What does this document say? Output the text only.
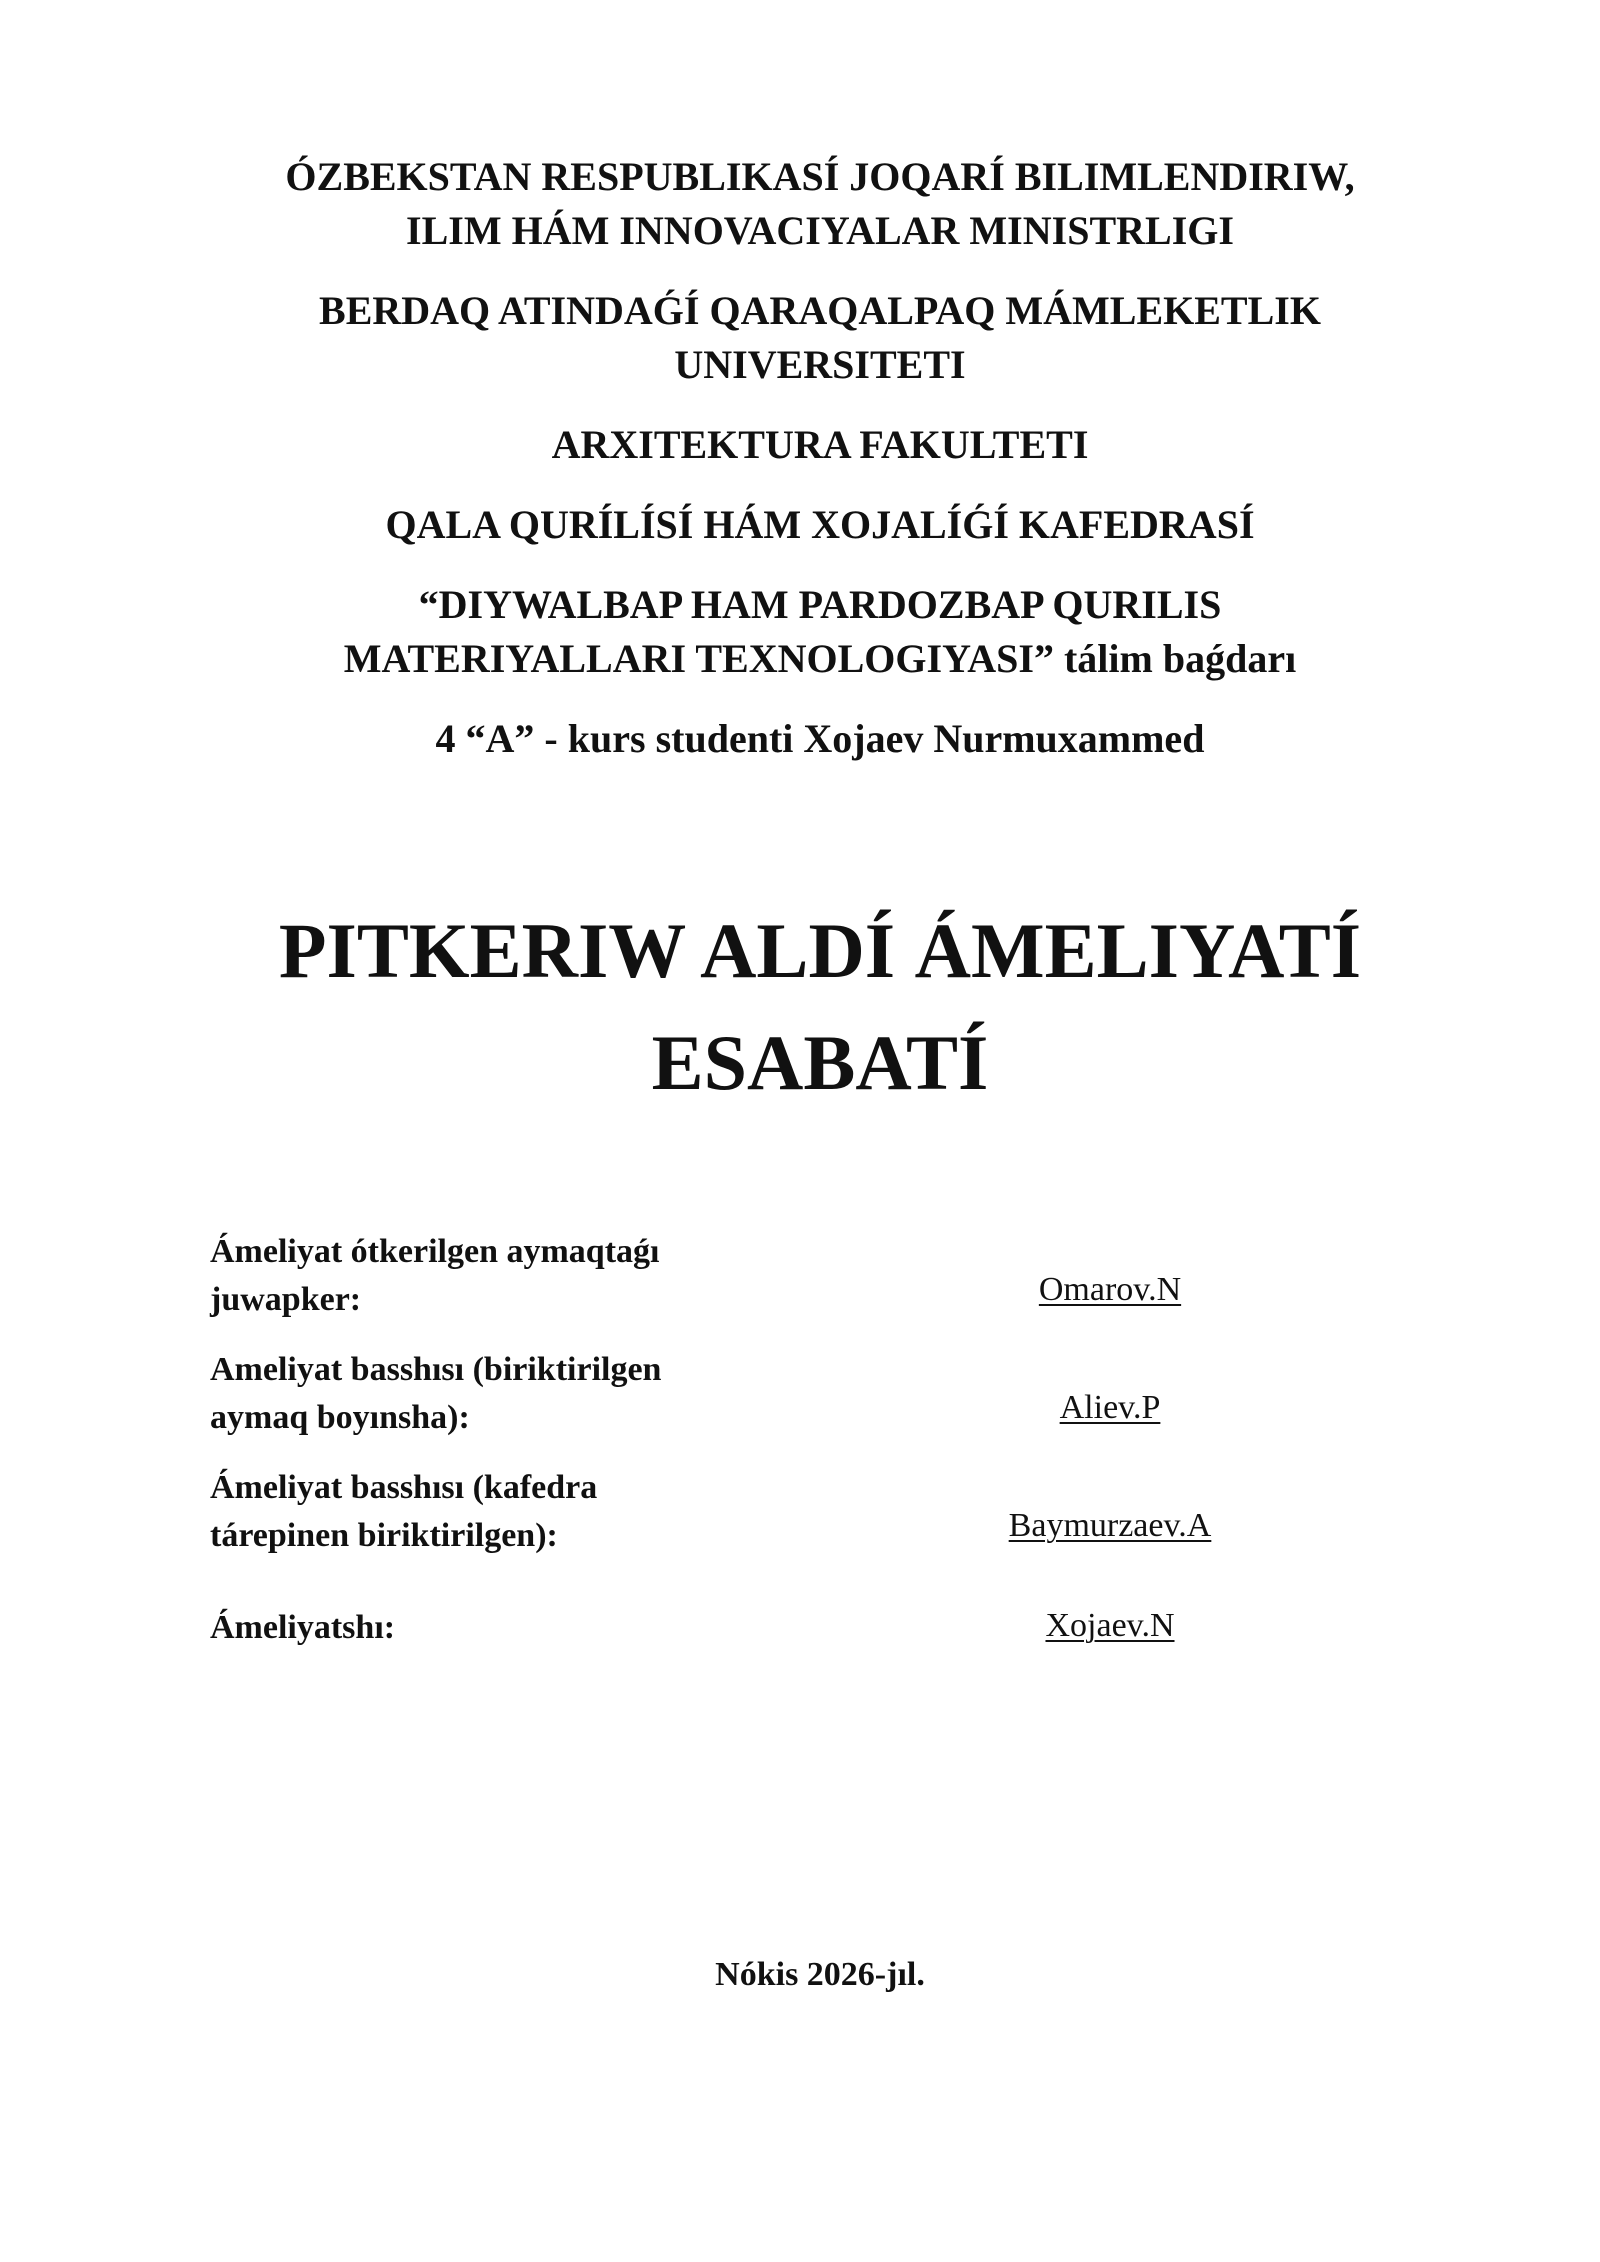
ÓZBEKSTAN RESPUBLIKASÍ JOQARÍ BILIMLENDIRIW,
ILIM HÁM INNOVACIYALAR MINISTRLIGI
BERDAQ ATINDAǴÍ QARAQALPAQ MÁMLEKETLIK
UNIVERSITETI
ARXITEKTURA FAKULTETI
QALA QURÍLÍSÍ HÁM XOJALÍǴÍ KAFEDRASÍ
“DIYWALBAP HAM PARDOZBAP QURILIS
MATERIYALLARI TEXNOLOGIYASI” tálim baǵdarı
4 “A” - kurs studenti Xojaev Nurmuxammed
PITKERIW ALDÍ ÁMELIYATÍ
ESABATÍ
Ámeliyat ótkerilgen aymaqtaǵı
juwapker:	Omarov.N
Ameliyat basshısı (biriktirilgen
aymaq boyınsha):	Aliev.P
Ámeliyat basshısı (kafedra
tárepinen biriktirilgen):	Baymurzaev.A
Ámeliyatshı:	Xojaev.N
Nókis 2026-jıl.
